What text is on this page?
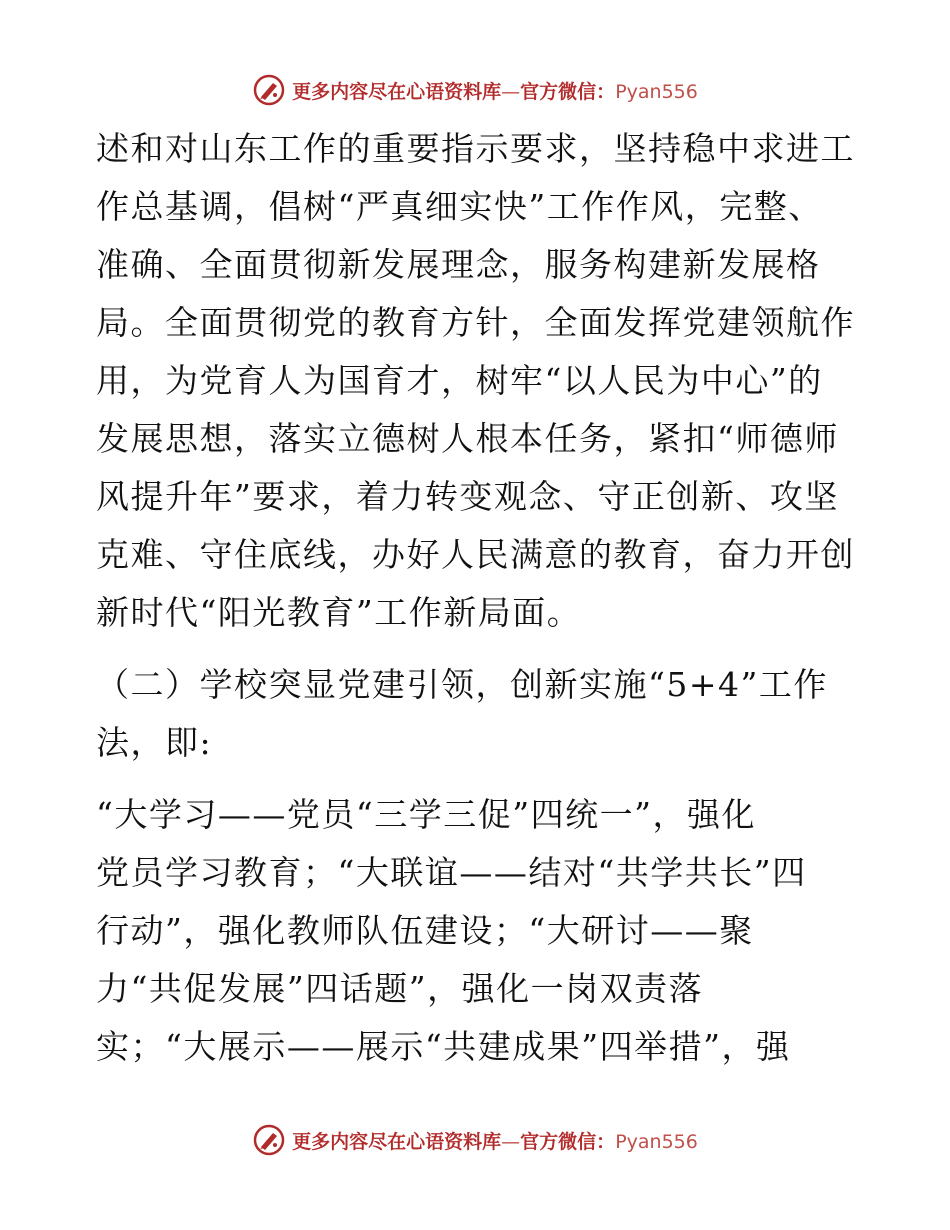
更多内容尽在心语资料库—官方微信：Pyan556
述和对山东工作的重要指示要求，坚持稳中求进工
作总基调，倡树“严真细实快”工作作风，完整、
准确、全面贯彻新发展理念，服务构建新发展格
局。全面贯彻党的教育方针，全面发挥党建领航作
用，为党育人为国育才，树牢“以人民为中心”的
发展思想，落实立德树人根本任务，紧扣“师德师
风提升年”要求，着力转变观念、守正创新、攻坚
克难、守住底线，办好人民满意的教育，奋力开创
新时代“阳光教育”工作新局面。
（二）学校突显党建引领，创新实施“5+4”工作
法，即:
“大学习——党员“三学三促”四统一”，强化
党员学习教育；“大联谊——结对“共学共长”四
行动”，强化教师队伍建设；“大研讨——聚
力“共促发展”四话题”，强化一岗双责落
实；“大展示——展示“共建成果”四举措”，强
更多内容尽在心语资料库—官方微信：Pyan556
